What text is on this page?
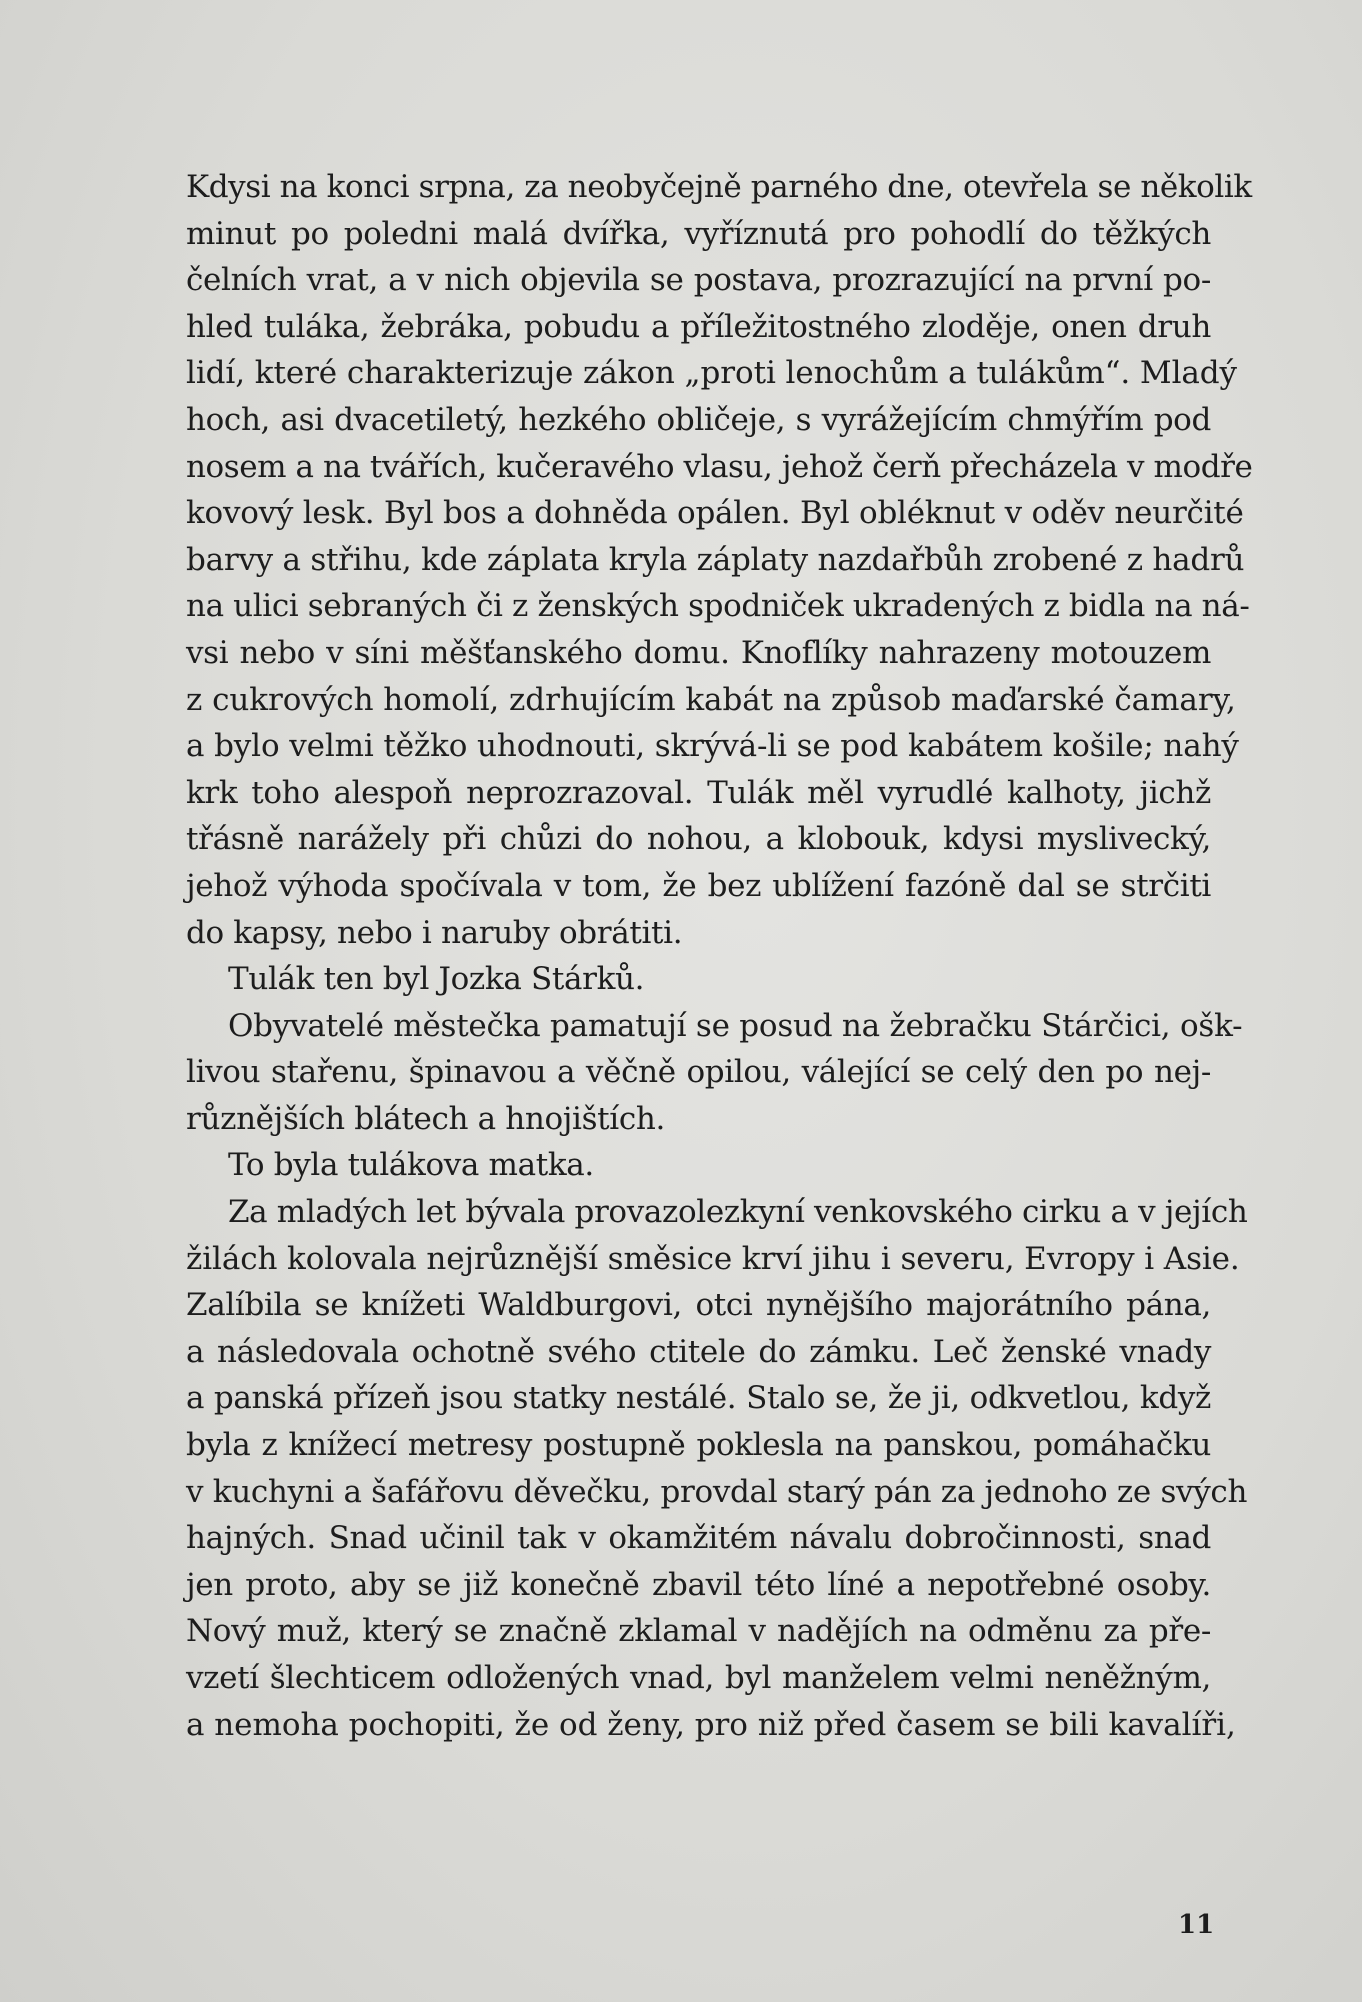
Kdysi na konci srpna, za neobyčejně parného dne, otevřela se několik
minut po poledni malá dvířka, vyříznutá pro pohodlí do těžkých
čelních vrat, a v nich objevila se postava, prozrazující na první po-
hled tuláka, žebráka, pobudu a příležitostného zloděje, onen druh
lidí, které charakterizuje zákon „proti lenochům a tulákům“. Mladý
hoch, asi dvacetiletý, hezkého obličeje, s vyrážejícím chmýřím pod
nosem a na tvářích, kučeravého vlasu, jehož čerň přecházela v modře
kovový lesk. Byl bos a dohněda opálen. Byl obléknut v oděv neurčité
barvy a střihu, kde záplata kryla záplaty nazdařbůh zrobené z hadrů
na ulici sebraných či z ženských spodniček ukradených z bidla na ná-
vsi nebo v síni měšťanského domu. Knoflíky nahrazeny motouzem
z cukrových homolí, zdrhujícím kabát na způsob maďarské čamary,
a bylo velmi těžko uhodnouti, skrývá-li se pod kabátem košile; nahý
krk toho alespoň neprozrazoval. Tulák měl vyrudlé kalhoty, jichž
třásně narážely při chůzi do nohou, a klobouk, kdysi myslivecký,
jehož výhoda spočívala v tom, že bez ublížení fazóně dal se strčiti
do kapsy, nebo i naruby obrátiti.
Tulák ten byl Jozka Stárků.
Obyvatelé městečka pamatují se posud na žebračku Stárčici, ošk-
livou stařenu, špinavou a věčně opilou, válející se celý den po nej-
různějších blátech a hnojištích.
To byla tulákova matka.
Za mladých let bývala provazolezkyní venkovského cirku a v jejích
žilách kolovala nejrůznější směsice krví jihu i severu, Evropy i Asie.
Zalíbila se knížeti Waldburgovi, otci nynějšího majorátního pána,
a následovala ochotně svého ctitele do zámku. Leč ženské vnady
a panská přízeň jsou statky nestálé. Stalo se, že ji, odkvetlou, když
byla z knížecí metresy postupně poklesla na panskou, pomáhačku
v kuchyni a šafářovu děvečku, provdal starý pán za jednoho ze svých
hajných. Snad učinil tak v okamžitém návalu dobročinnosti, snad
jen proto, aby se již konečně zbavil této líné a nepotřebné osoby.
Nový muž, který se značně zklamal v nadějích na odměnu za pře-
vzetí šlechticem odložených vnad, byl manželem velmi neněžným,
a nemoha pochopiti, že od ženy, pro niž před časem se bili kavalíři,
11
